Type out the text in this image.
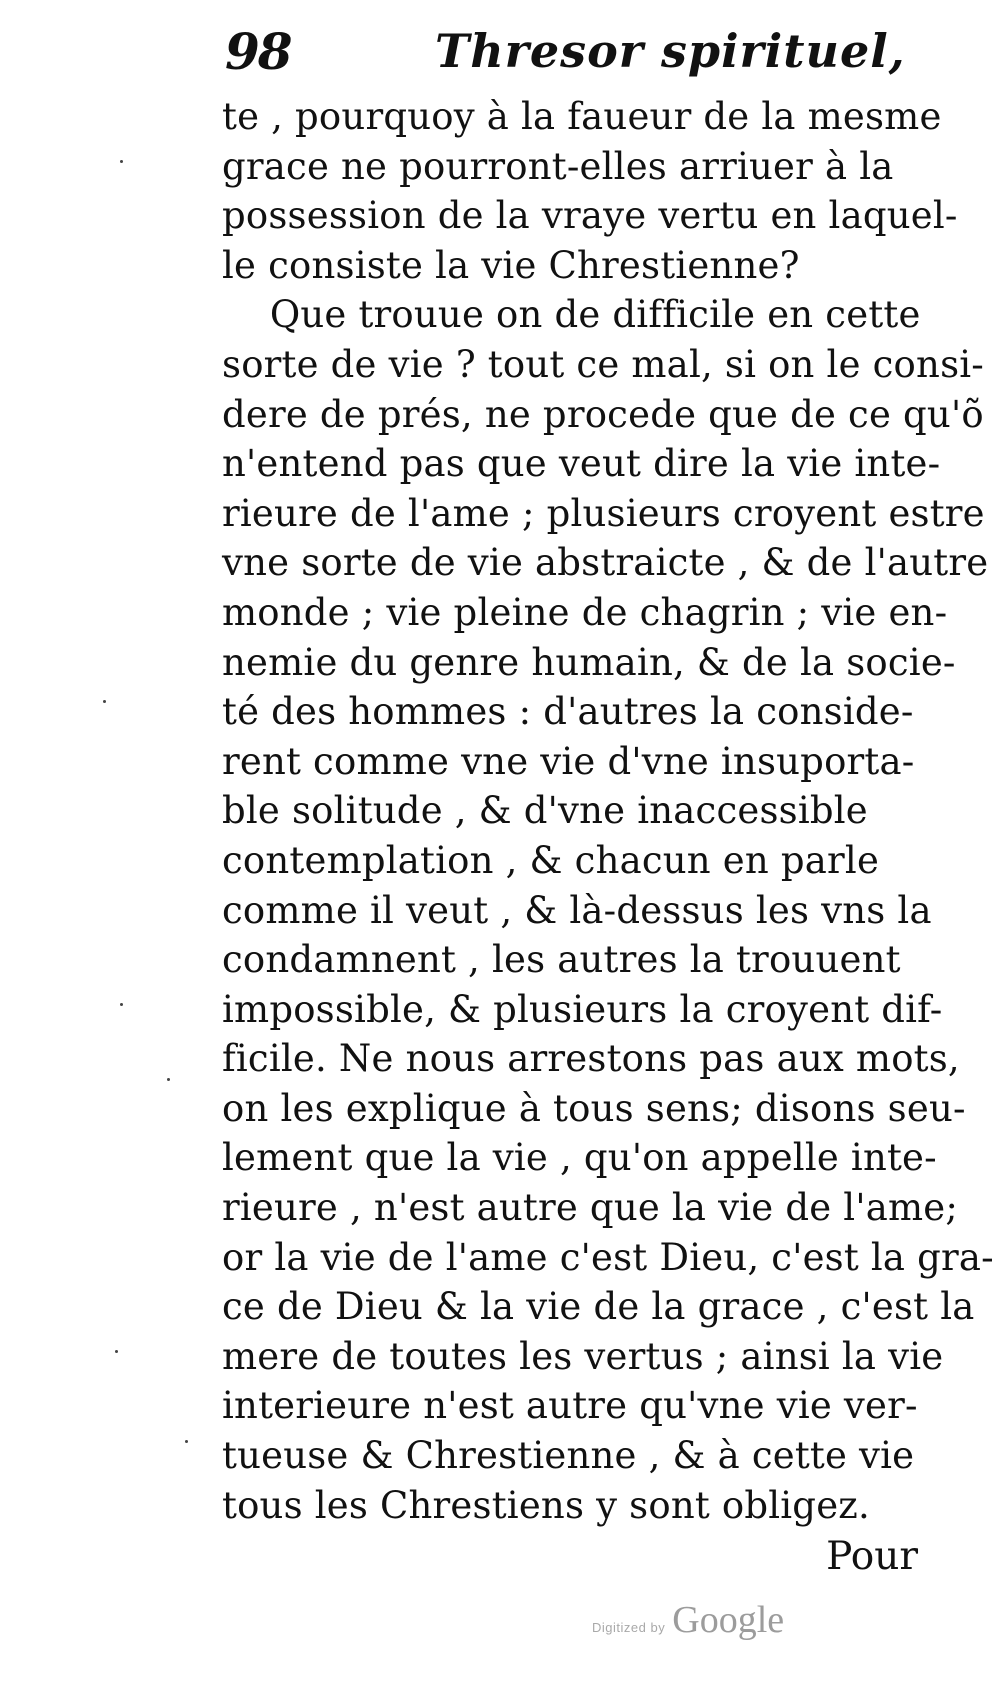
98	Thresor spirituel,
te , pourquoy à la faueur de la mesme
grace ne pourront-elles arriuer à la
possession de la vraye vertu en laquel-
le consiste la vie Chrestienne?
Que trouue on de difficile en cette
sorte de vie ? tout ce mal, si on le consi-
dere de prés, ne procede que de ce qu'õ
n'entend pas que veut dire la vie inte-
rieure de l'ame ; plusieurs croyent estre
vne sorte de vie abstraicte , & de l'autre
monde ; vie pleine de chagrin ; vie en-
nemie du genre humain, & de la socie-
té des hommes : d'autres la conside-
rent comme vne vie d'vne insuporta-
ble solitude , & d'vne inaccessible
contemplation , & chacun en parle
comme il veut , & là-dessus les vns la
condamnent , les autres la trouuent
impossible, & plusieurs la croyent dif-
ficile. Ne nous arrestons pas aux mots,
on les explique à tous sens; disons seu-
lement que la vie , qu'on appelle inte-
rieure , n'est autre que la vie de l'ame;
or la vie de l'ame c'est Dieu, c'est la gra-
ce de Dieu & la vie de la grace , c'est la
mere de toutes les vertus ; ainsi la vie
interieure n'est autre qu'vne vie ver-
tueuse & Chrestienne , & à cette vie
tous les Chrestiens y sont obligez.
Pour
Digitized by Google
